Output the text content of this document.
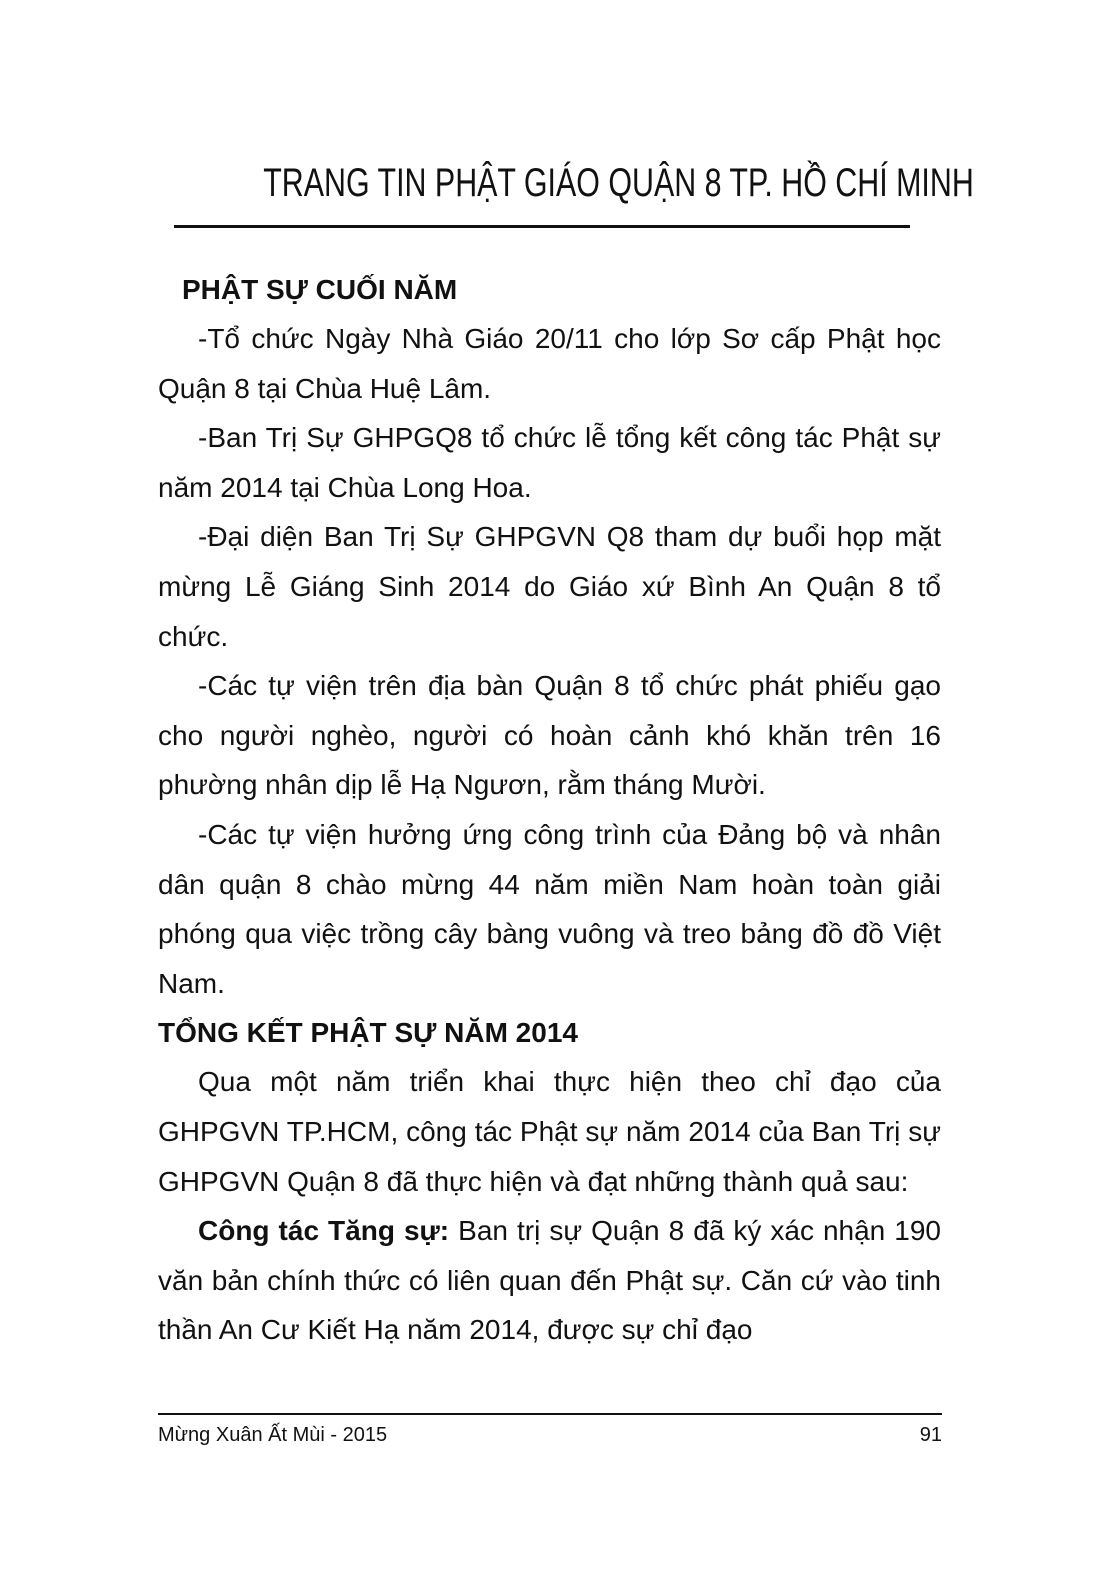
TRANG TIN PHẬT GIÁO QUẬN 8 TP. HỒ CHÍ MINH
PHẬT SỰ CUỐI NĂM

-Tổ chức Ngày Nhà Giáo 20/11 cho lớp Sơ cấp Phật học Quận 8 tại Chùa Huệ Lâm.

-Ban Trị Sự GHPGQ8 tổ chức lễ tổng kết công tác Phật sự năm 2014 tại Chùa Long Hoa.

-Đại diện Ban Trị Sự GHPGVN Q8 tham dự buổi họp mặt mừng Lễ Giáng Sinh 2014 do Giáo xứ Bình An Quận 8 tổ chức.

-Các tự viện trên địa bàn Quận 8 tổ chức phát phiếu gạo cho người nghèo, người có hoàn cảnh khó khăn trên 16 phường nhân dịp lễ Hạ Ngươn, rằm tháng Mười.

-Các tự viện hưởng ứng công trình của Đảng bộ và nhân dân quận 8 chào mừng 44 năm miền Nam hoàn toàn giải phóng qua việc trồng cây bàng vuông và treo bảng đồ đồ Việt Nam.

TỔNG KẾT PHẬT SỰ NĂM 2014

Qua một năm triển khai thực hiện theo chỉ đạo của GHPGVN TP.HCM, công tác Phật sự năm 2014 của Ban Trị sự GHPGVN Quận 8 đã thực hiện và đạt những thành quả sau:

Công tác Tăng sự: Ban trị sự Quận 8 đã ký xác nhận 190 văn bản chính thức có liên quan đến Phật sự. Căn cứ vào tinh thần An Cư Kiết Hạ năm 2014, được sự chỉ đạo

Mừng Xuân Ất Mùi - 2015	91
